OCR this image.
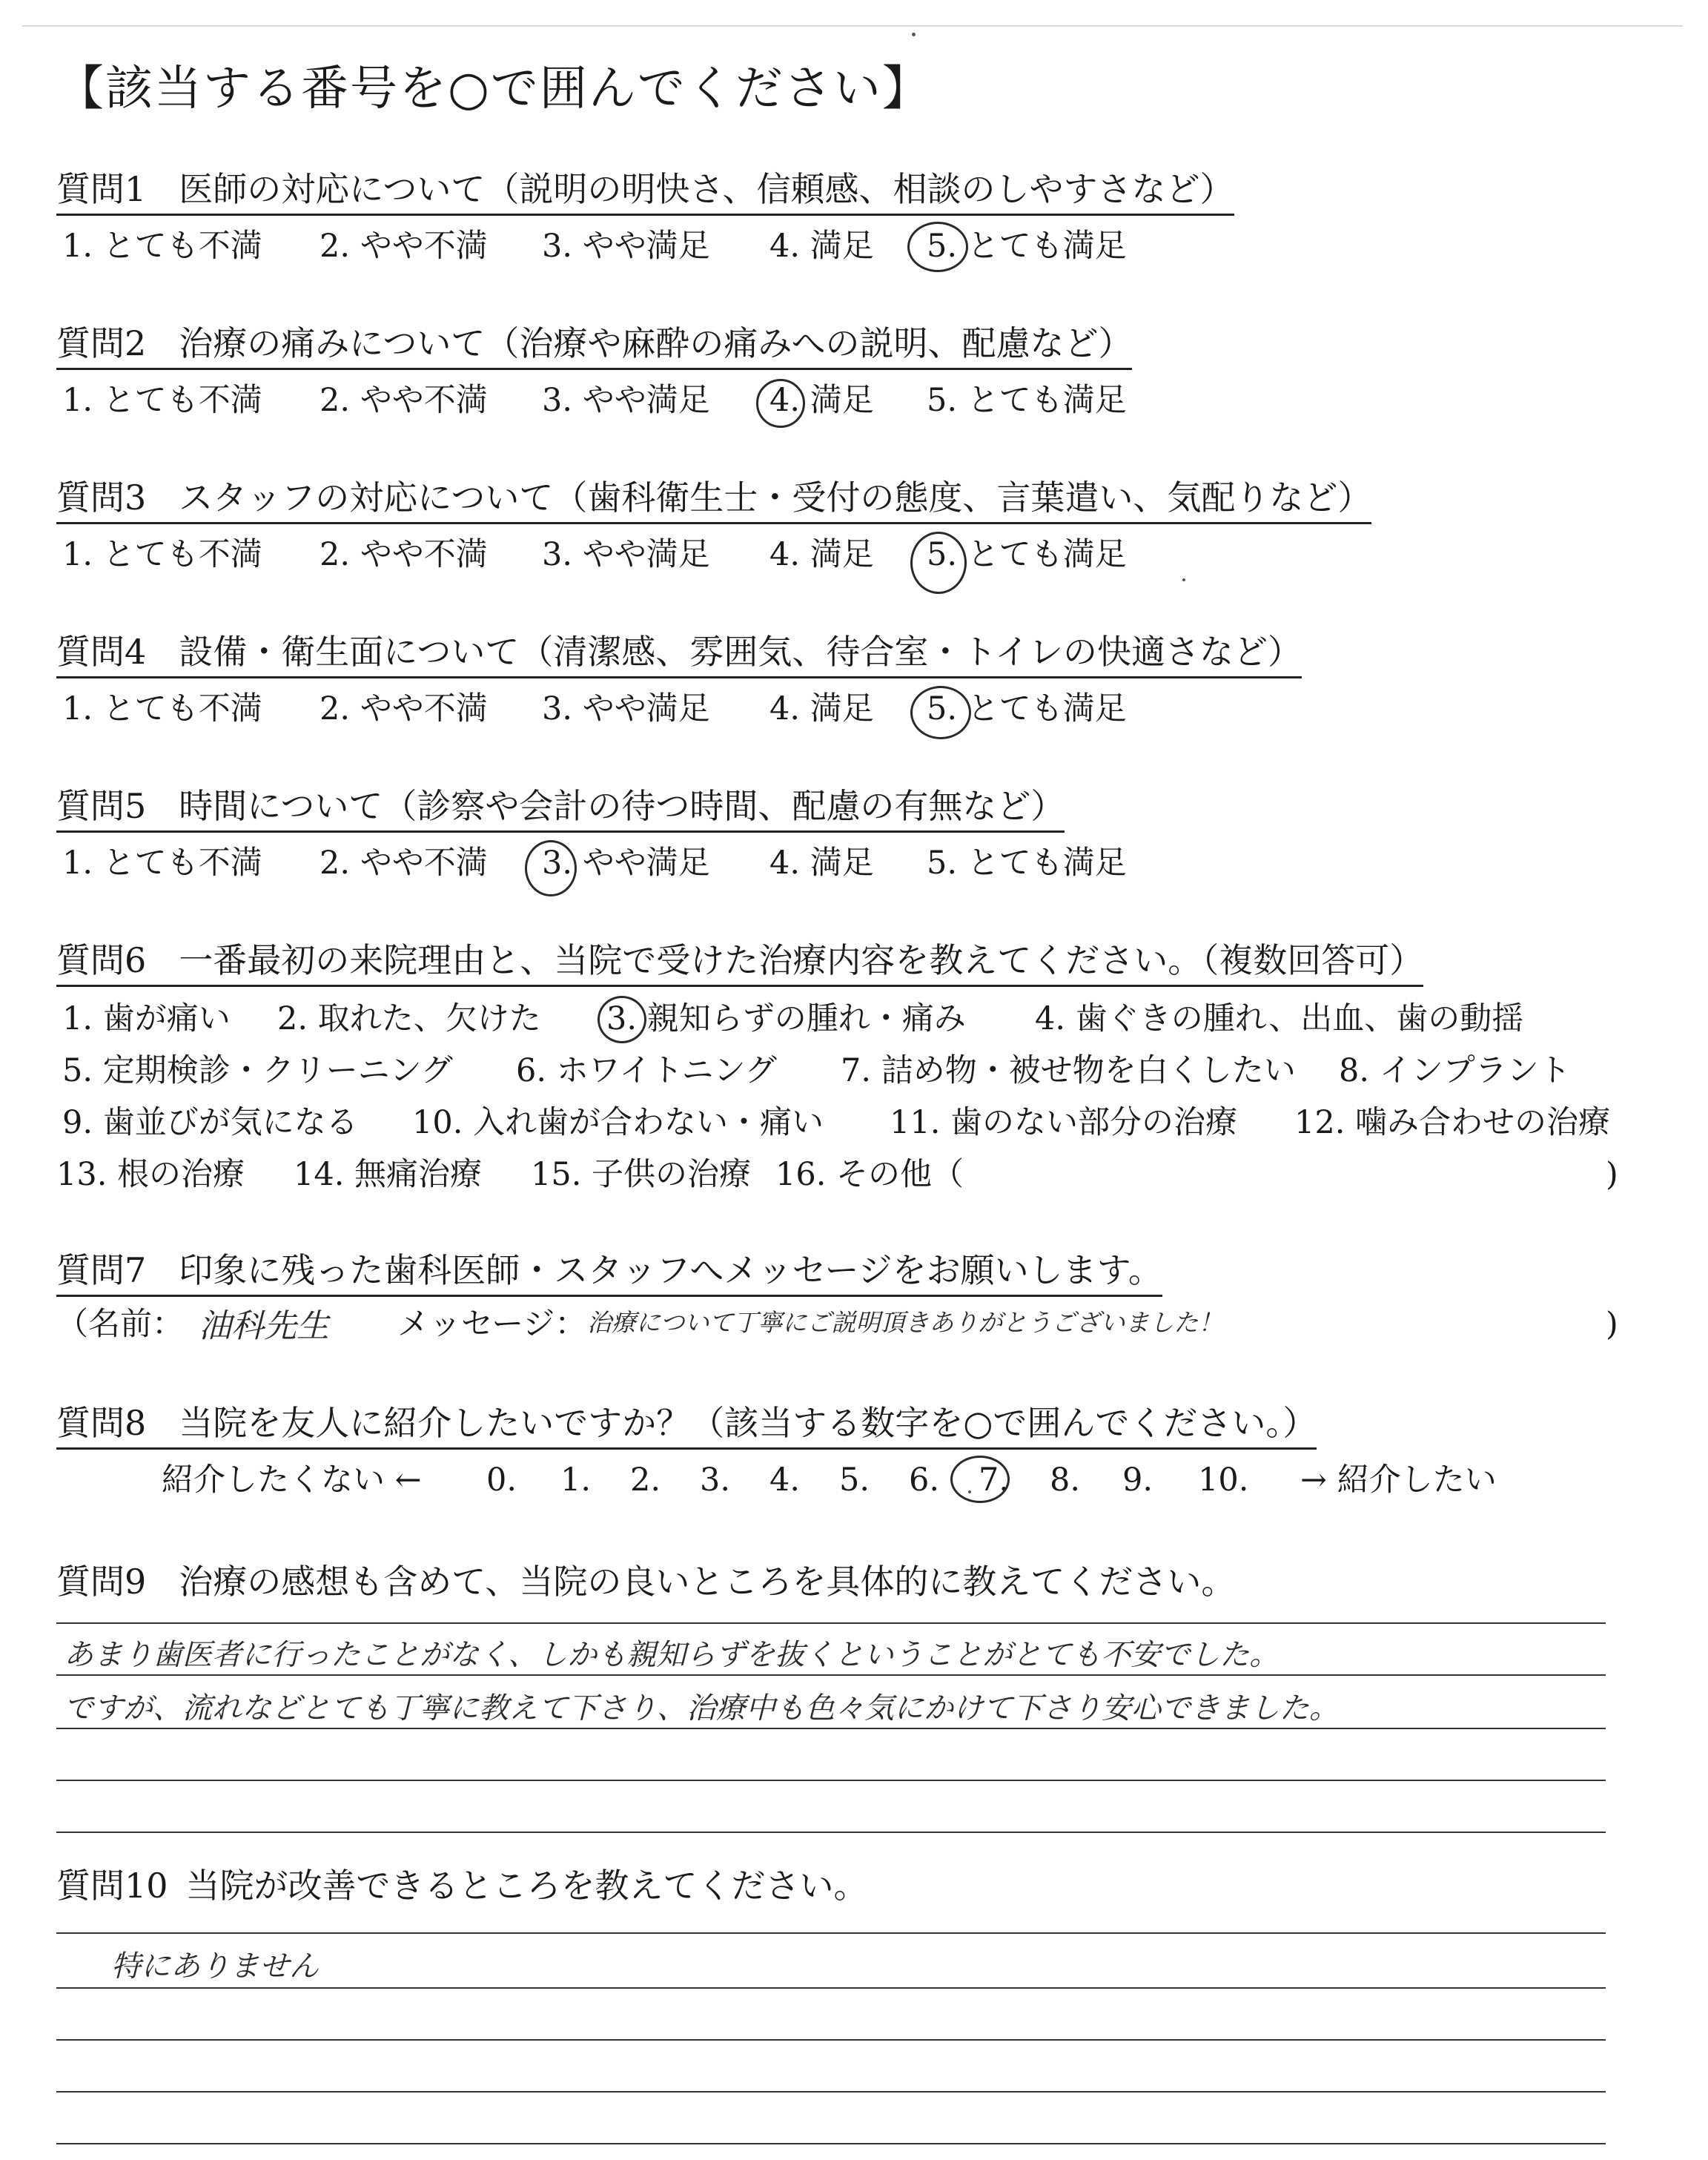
【該当する番号を○で囲んでください】
質問1 医師の対応について（説明の明快さ、信頼感、相談のしやすさなど）
1. とても不満 2. やや不満 3. やや満足 4. 満足 5. とても満足
質問2 治療の痛みについて（治療や麻酔の痛みへの説明、配慮など）
1. とても不満 2. やや不満 3. やや満足 4. 満足 5. とても満足
質問3 スタッフの対応について（歯科衛生士・受付の態度、言葉遣い、気配りなど）
1. とても不満 2. やや不満 3. やや満足 4. 満足 5. とても満足
質問4 設備・衛生面について（清潔感、雰囲気、待合室・トイレの快適さなど）
1. とても不満 2. やや不満 3. やや満足 4. 満足 5. とても満足
質問5 時間について（診察や会計の待つ時間、配慮の有無など）
1. とても不満 2. やや不満 3. やや満足 4. 満足 5. とても満足
質問6 一番最初の来院理由と、当院で受けた治療内容を教えてください。（複数回答可）
1. 歯が痛い 2. 取れた、欠けた 3. 親知らずの腫れ・痛み 4. 歯ぐきの腫れ、出血、歯の動揺
5. 定期検診・クリーニング 6. ホワイトニング 7. 詰め物・被せ物を白くしたい 8. インプラント
9. 歯並びが気になる 10. 入れ歯が合わない・痛い 11. 歯のない部分の治療 12. 噛み合わせの治療
13. 根の治療 14. 無痛治療 15. 子供の治療 16. その他（	)
質問7 印象に残った歯科医師・スタッフへメッセージをお願いします。
（名前： 油科先生 メッセージ： 治療について丁寧にご説明頂きありがとうございました！	)
質問8 当院を友人に紹介したいですか？（該当する数字を○で囲んでください。）
紹介したくない ← 0. 1. 2. 3. 4. 5. 6. 7. 8. 9. 10. → 紹介したい
質問9 治療の感想も含めて、当院の良いところを具体的に教えてください。
あまり歯医者に行ったことがなく、しかも親知らずを抜くということがとても不安でした。
ですが、流れなどとても丁寧に教えて下さり、治療中も色々気にかけて下さり安心できました。
質問10 当院が改善できるところを教えてください。
特にありません
